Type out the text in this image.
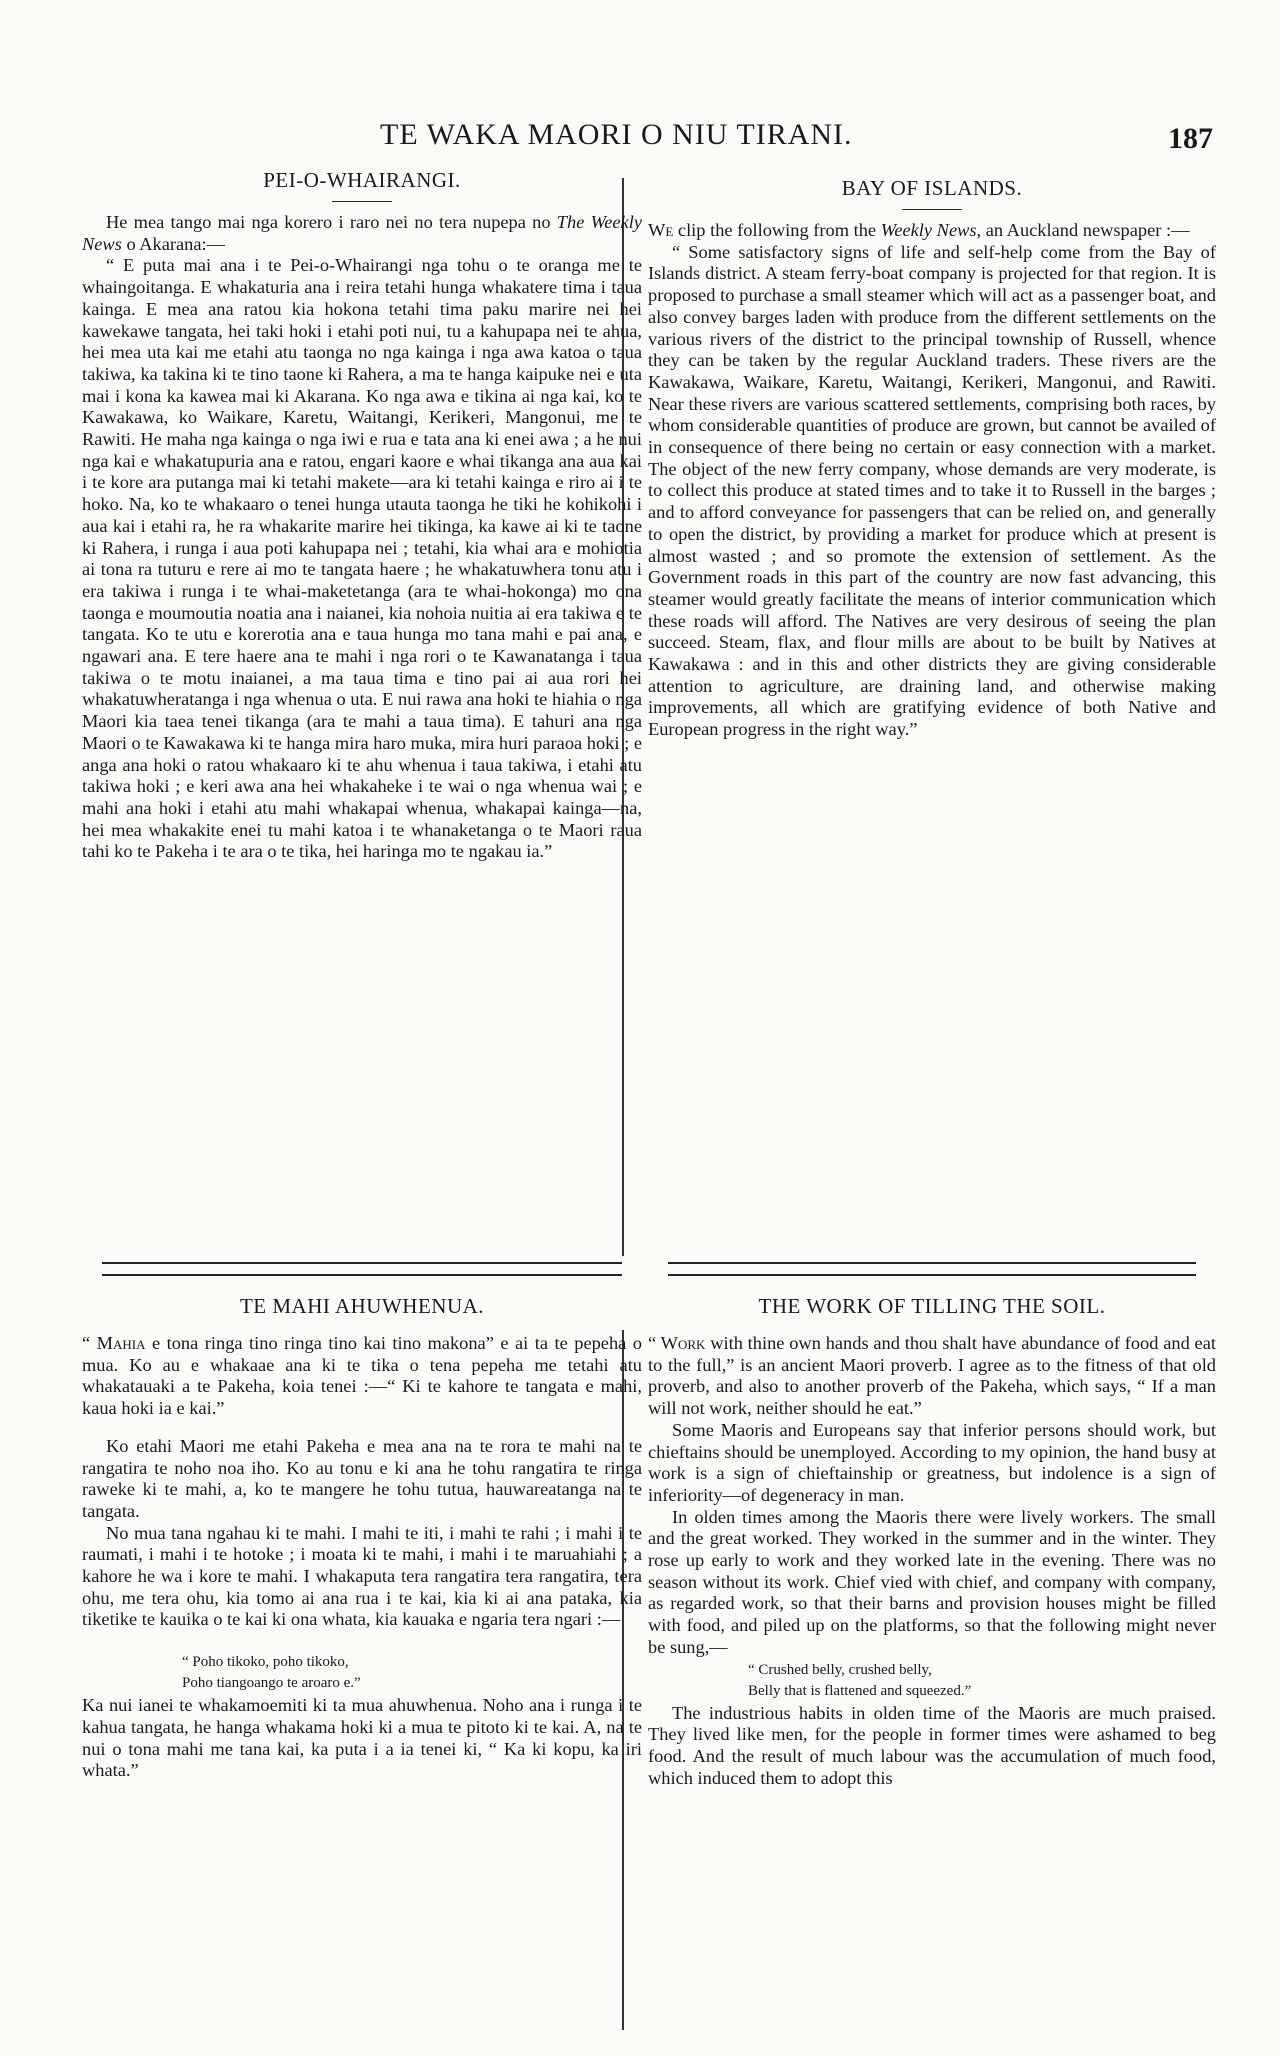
TE WAKA MAORI O NIU TIRANI.	187
PEI-O-WHAIRANGI.

He mea tango mai nga korero i raro nei no tera nupepa no The Weekly News o Akarana:—

“ E puta mai ana i te Pei-o-Whairangi nga tohu o te oranga me te whaingoitanga. E whakaturia ana i reira tetahi hunga whakatere tima i taua kainga. E mea ana ratou kia hokona tetahi tima paku marire nei hei kawekawe tangata, hei taki hoki i etahi poti nui, tu a kahupapa nei te ahua, hei mea uta kai me etahi atu taonga no nga kainga i nga awa katoa o taua takiwa, ka takina ki te tino taone ki Rahera, a ma te hanga kaipuke nei e uta mai i kona ka kawea mai ki Akarana. Ko nga awa e tikina ai nga kai, ko te Kawakawa, ko Waikare, Karetu, Waitangi, Kerikeri, Mangonui, me te Rawiti. He maha nga kainga o nga iwi e rua e tata ana ki enei awa ; a he nui nga kai e whakatupuria ana e ratou, engari kaore e whai tikanga ana aua kai i te kore ara putanga mai ki tetahi makete—ara ki tetahi kainga e riro ai i te hoko. Na, ko te whakaaro o tenei hunga utauta taonga he tiki he kohikohi i aua kai i etahi ra, he ra whakarite marire hei tikinga, ka kawe ai ki te taone ki Rahera, i runga i aua poti kahupapa nei ; tetahi, kia whai ara e mohiotia ai tona ra tuturu e rere ai mo te tangata haere ; he whakatuwhera tonu atu i era takiwa i runga i te whai-maketetanga (ara te whai-hokonga) mo ona taonga e moumoutia noatia ana i naianei, kia nohoia nuitia ai era takiwa e te tangata. Ko te utu e korerotia ana e taua hunga mo tana mahi e pai ana, e ngawari ana. E tere haere ana te mahi i nga rori o te Kawanatanga i taua takiwa o te motu inaianei, a ma taua tima e tino pai ai aua rori hei whakatuwheratanga i nga whenua o uta. E nui rawa ana hoki te hiahia o nga Maori kia taea tenei tikanga (ara te mahi a taua tima). E tahuri ana nga Maori o te Kawakawa ki te hanga mira haro muka, mira huri paraoa hoki ; e anga ana hoki o ratou whakaaro ki te ahu whenua i taua takiwa, i etahi atu takiwa hoki ; e keri awa ana hei whakaheke i te wai o nga whenua wai ; e mahi ana hoki i etahi atu mahi whakapai whenua, whakapai kainga—na, hei mea whakakite enei tu mahi katoa i te whanaketanga o te Maori raua tahi ko te Pakeha i te ara o te tika, hei haringa mo te ngakau ia.”

BAY OF ISLANDS.

We clip the following from the Weekly News, an Auckland newspaper :—

“ Some satisfactory signs of life and self-help come from the Bay of Islands district. A steam ferry-boat company is projected for that region. It is proposed to purchase a small steamer which will act as a passenger boat, and also convey barges laden with produce from the different settlements on the various rivers of the district to the principal township of Russell, whence they can be taken by the regular Auckland traders. These rivers are the Kawakawa, Waikare, Karetu, Waitangi, Kerikeri, Mangonui, and Rawiti. Near these rivers are various scattered settlements, comprising both races, by whom considerable quantities of produce are grown, but cannot be availed of in consequence of there being no certain or easy connection with a market. The object of the new ferry company, whose demands are very moderate, is to collect this produce at stated times and to take it to Russell in the barges ; and to afford conveyance for passengers that can be relied on, and generally to open the district, by providing a market for produce which at present is almost wasted ; and so promote the extension of settlement. As the Government roads in this part of the country are now fast advancing, this steamer would greatly facilitate the means of interior communication which these roads will afford. The Natives are very desirous of seeing the plan succeed. Steam, flax, and flour mills are about to be built by Natives at Kawakawa : and in this and other districts they are giving considerable attention to agriculture, are draining land, and otherwise making improvements, all which are gratifying evidence of both Native and European progress in the right way.”

TE MAHI AHUWHENUA.

“ Mahia e tona ringa tino ringa tino kai tino makona” e ai ta te pepeha o mua. Ko au e whakaae ana ki te tika o tena pepeha me tetahi atu whakatauaki a te Pakeha, koia tenei :—“ Ki te kahore te tangata e mahi, kaua hoki ia e kai.”

Ko etahi Maori me etahi Pakeha e mea ana na te rora te mahi na te rangatira te noho noa iho. Ko au tonu e ki ana he tohu rangatira te ringa raweke ki te mahi, a, ko te mangere he tohu tutua, hauwareatanga na te tangata.

No mua tana ngahau ki te mahi. I mahi te iti, i mahi te rahi ; i mahi i te raumati, i mahi i te hotoke ; i moata ki te mahi, i mahi i te maruahiahi ; a kahore he wa i kore te mahi. I whakaputa tera rangatira tera rangatira, tera ohu, me tera ohu, kia tomo ai ana rua i te kai, kia ki ai ana pataka, kia tiketike te kauika o te kai ki ona whata, kia kauaka e ngaria tera ngari :—

“ Poho tikoko, poho tikoko,
Poho tiangoango te aroaro e.”

Ka nui ianei te whakamoemiti ki ta mua ahuwhenua. Noho ana i runga i te kahua tangata, he hanga whakama hoki ki a mua te pitoto ki te kai. A, na te nui o tona mahi me tana kai, ka puta i a ia tenei ki, “ Ka ki kopu, ka iri whata.”

THE WORK OF TILLING THE SOIL.

“ Work with thine own hands and thou shalt have abundance of food and eat to the full,” is an ancient Maori proverb. I agree as to the fitness of that old proverb, and also to another proverb of the Pakeha, which says, “ If a man will not work, neither should he eat.”

Some Maoris and Europeans say that inferior persons should work, but chieftains should be unemployed. According to my opinion, the hand busy at work is a sign of chieftainship or greatness, but indolence is a sign of inferiority—of degeneracy in man.

In olden times among the Maoris there were lively workers. The small and the great worked. They worked in the summer and in the winter. They rose up early to work and they worked late in the evening. There was no season without its work. Chief vied with chief, and company with company, as regarded work, so that their barns and provision houses might be filled with food, and piled up on the platforms, so that the following might never be sung,—

“ Crushed belly, crushed belly,
Belly that is flattened and squeezed.”

The industrious habits in olden time of the Maoris are much praised. They lived like men, for the people in former times were ashamed to beg food. And the result of much labour was the accumulation of much food, which induced them to adopt this
